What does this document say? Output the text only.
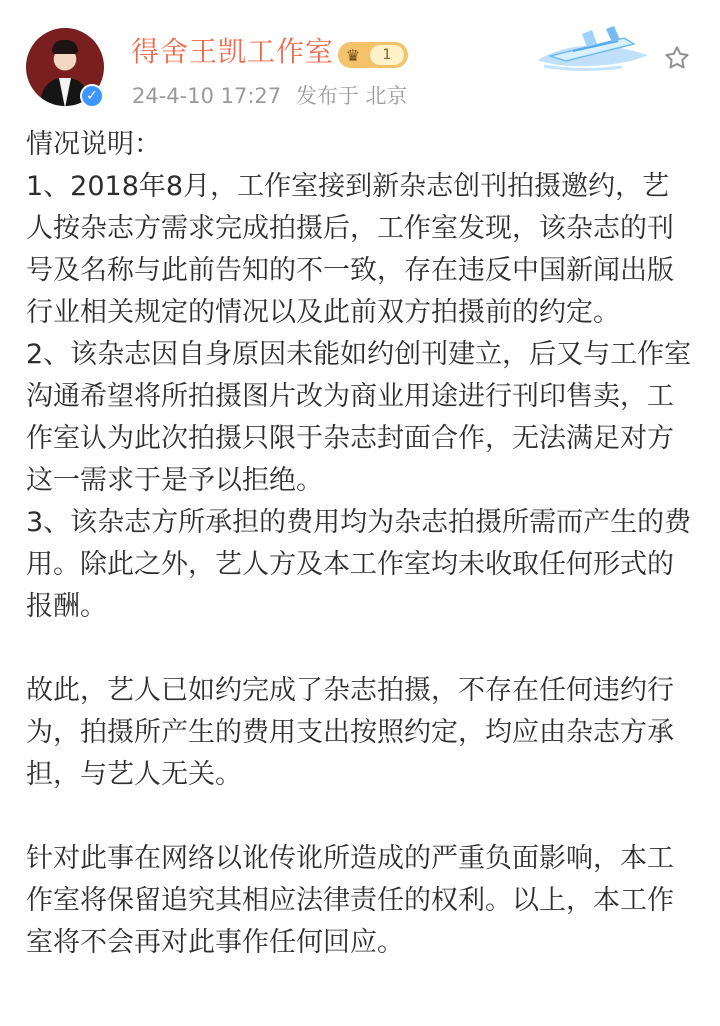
✓
得舍王凯工作室 ♛	1
24-4-10 17:27 发布于 北京

情况说明：

1、2018年8月，工作室接到新杂志创刊拍摄邀约，艺人按杂志方需求完成拍摄后，工作室发现，该杂志的刊号及名称与此前告知的不一致，存在违反中国新闻出版行业相关规定的情况以及此前双方拍摄前的约定。

2、该杂志因自身原因未能如约创刊建立，后又与工作室沟通希望将所拍摄图片改为商业用途进行刊印售卖，工作室认为此次拍摄只限于杂志封面合作，无法满足对方这一需求于是予以拒绝。

3、该杂志方所承担的费用均为杂志拍摄所需而产生的费用。除此之外，艺人方及本工作室均未收取任何形式的报酬。

故此，艺人已如约完成了杂志拍摄，不存在任何违约行为，拍摄所产生的费用支出按照约定，均应由杂志方承担，与艺人无关。

针对此事在网络以讹传讹所造成的严重负面影响，本工作室将保留追究其相应法律责任的权利。以上，本工作室将不会再对此事作任何回应。
